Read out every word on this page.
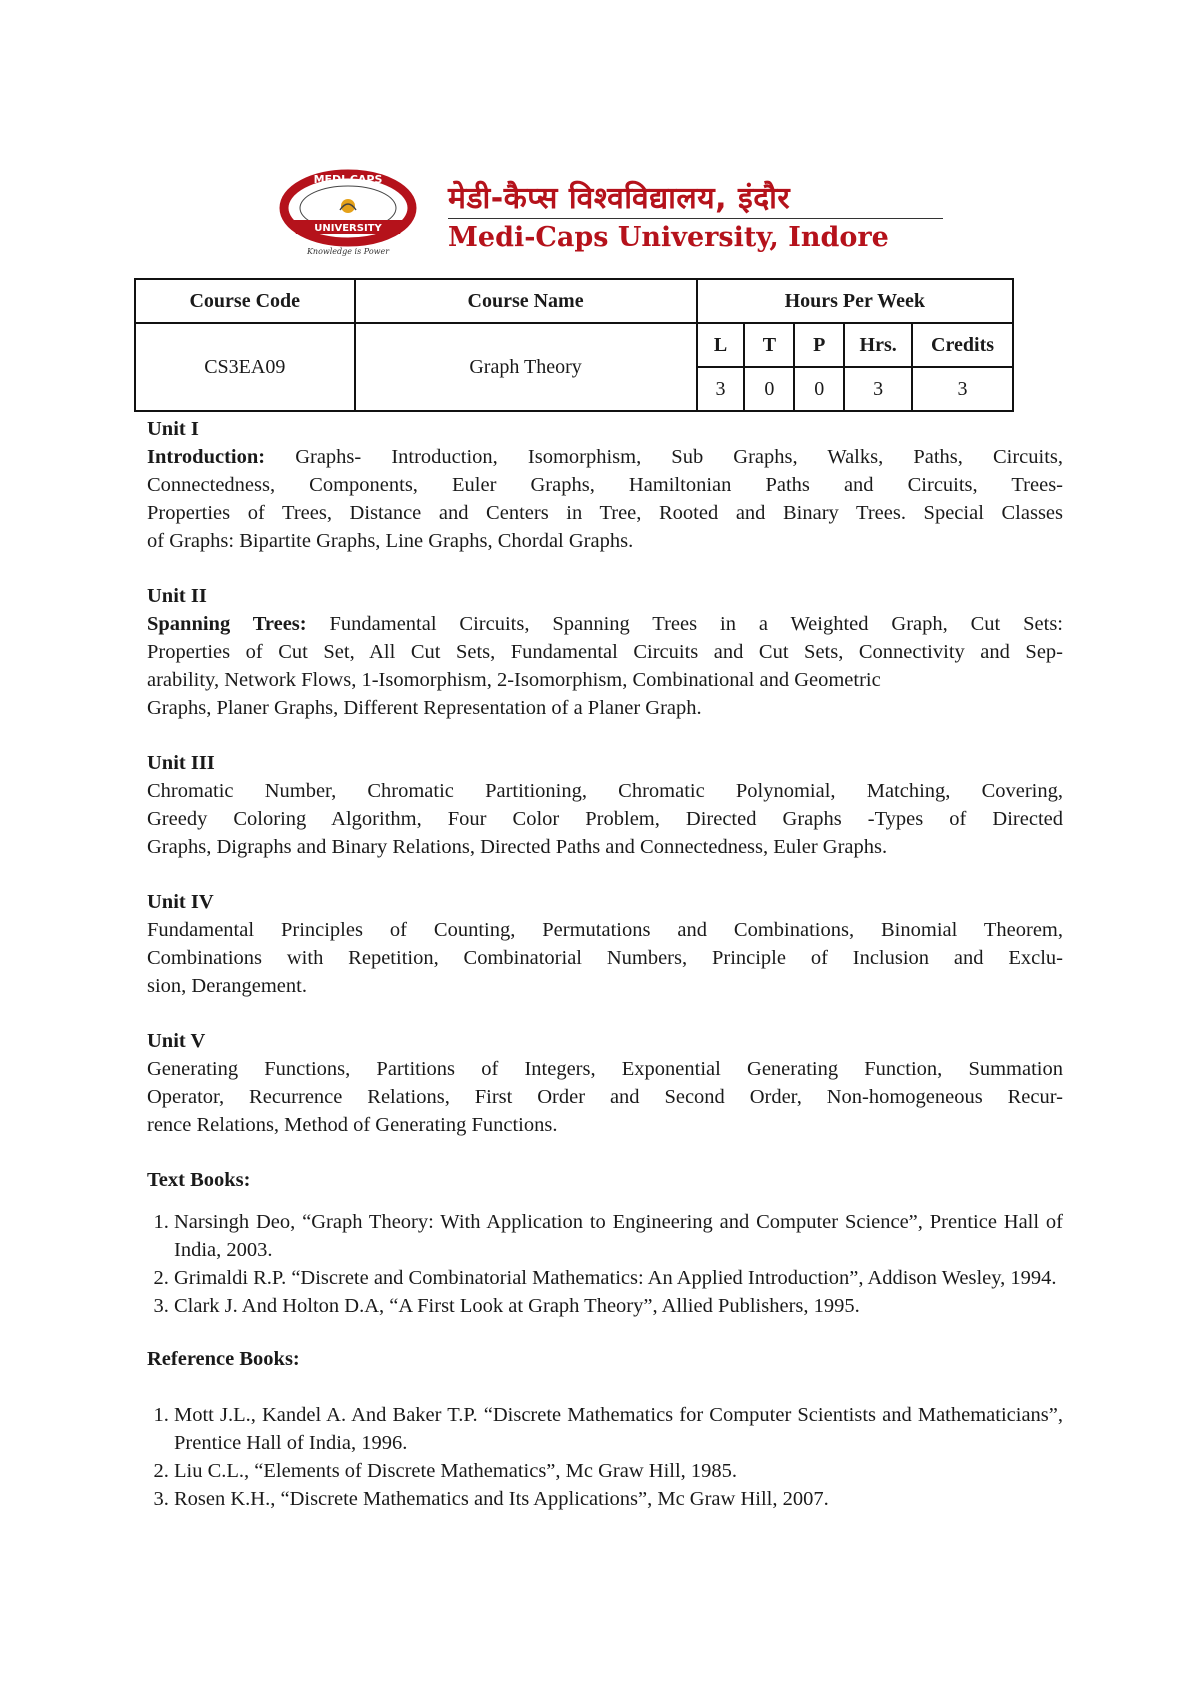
MEDI-CAPS
UNIVERSITY
Knowledge is Power
मेडी-कैप्स विश्वविद्यालय, इंदौर
Medi-Caps University, Indore
Course Code	Course Name	Hours Per Week				
CS3EA09	Graph Theory	L	T	P	Hrs.	Credits
		3	0	0	3	3
Unit I
Introduction: Graphs- Introduction, Isomorphism, Sub Graphs, Walks, Paths, Circuits,
Connectedness, Components, Euler Graphs, Hamiltonian Paths and Circuits, Trees-
Properties of Trees, Distance and Centers in Tree, Rooted and Binary Trees. Special Classes
of Graphs: Bipartite Graphs, Line Graphs, Chordal Graphs.
Unit II
Spanning Trees: Fundamental Circuits, Spanning Trees in a Weighted Graph, Cut Sets:
Properties of Cut Set, All Cut Sets, Fundamental Circuits and Cut Sets, Connectivity and Sep-
arability, Network Flows, 1-Isomorphism, 2-Isomorphism, Combinational and Geometric
Graphs, Planer Graphs, Different Representation of a Planer Graph.
Unit III
Chromatic Number, Chromatic Partitioning, Chromatic Polynomial, Matching, Covering,
Greedy Coloring Algorithm, Four Color Problem, Directed Graphs -Types of Directed
Graphs, Digraphs and Binary Relations, Directed Paths and Connectedness, Euler Graphs.
Unit IV
Fundamental Principles of Counting, Permutations and Combinations, Binomial Theorem,
Combinations with Repetition, Combinatorial Numbers, Principle of Inclusion and Exclu-
sion, Derangement.
Unit V
Generating Functions, Partitions of Integers, Exponential Generating Function, Summation
Operator, Recurrence Relations, First Order and Second Order, Non-homogeneous Recur-
rence Relations, Method of Generating Functions.
Text Books:
1. Narsingh Deo, “Graph Theory: With Application to Engineering and Computer Science”, Prentice Hall of India, 2003.
2. Grimaldi R.P. “Discrete and Combinatorial Mathematics: An Applied Introduction”, Addison Wesley, 1994.
3. Clark J. And Holton D.A, “A First Look at Graph Theory”, Allied Publishers, 1995.
Reference Books:
1. Mott J.L., Kandel A. And Baker T.P. “Discrete Mathematics for Computer Scientists and Mathematicians”, Prentice Hall of India, 1996.
2. Liu C.L., “Elements of Discrete Mathematics”, Mc Graw Hill, 1985.
3. Rosen K.H., “Discrete Mathematics and Its Applications”, Mc Graw Hill, 2007.
